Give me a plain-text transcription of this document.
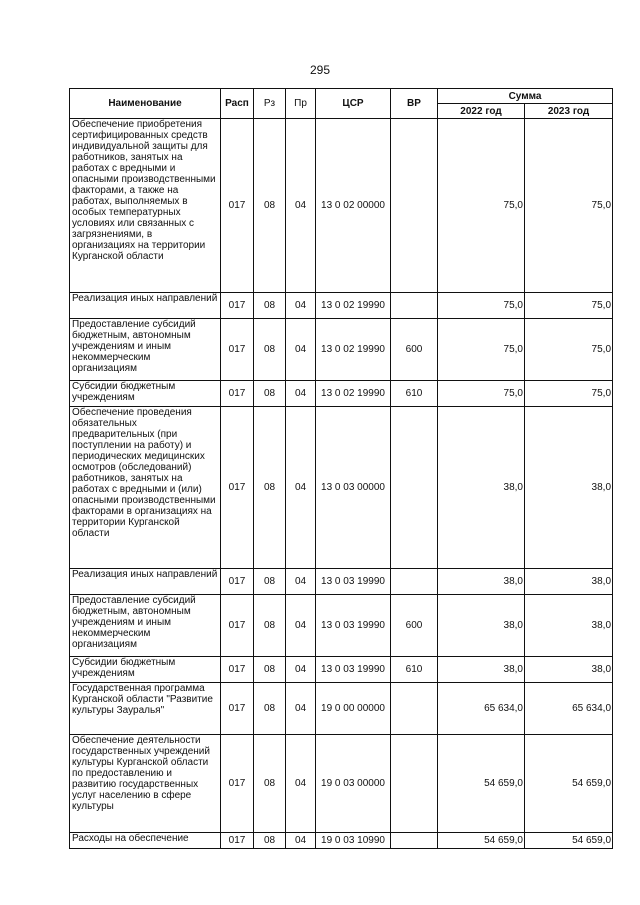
295
Наименование	Расп	Рз	Пр	ЦСР	ВР	Сумма	
						2022 год	2023 год
Обеспечение приобретения сертифицированных средств индивидуальной защиты для работников, занятых на работах с вредными и опасными производственными факторами, а также на работах, выполняемых в особых температурных условиях или связанных с загрязнениями, в организациях на территории Курганской области	017	08	04	13 0 02 00000		75,0	75,0
Реализация иных направлений	017	08	04	13 0 02 19990		75,0	75,0
Предоставление субсидий бюджетным, автономным учреждениям и иным некоммерческим организациям	017	08	04	13 0 02 19990	600	75,0	75,0
Субсидии бюджетным учреждениям	017	08	04	13 0 02 19990	610	75,0	75,0
Обеспечение проведения обязательных предварительных (при поступлении на работу) и периодических медицинских осмотров (обследований) работников, занятых на работах с вредными и (или) опасными производственными факторами в организациях на территории Курганской области	017	08	04	13 0 03 00000		38,0	38,0
Реализация иных направлений	017	08	04	13 0 03 19990		38,0	38,0
Предоставление субсидий бюджетным, автономным учреждениям и иным некоммерческим организациям	017	08	04	13 0 03 19990	600	38,0	38,0
Субсидии бюджетным учреждениям	017	08	04	13 0 03 19990	610	38,0	38,0
Государственная программа Курганской области "Развитие культуры Зауралья"	017	08	04	19 0 00 00000		65 634,0	65 634,0
Обеспечение деятельности государственных учреждений культуры Курганской области по предоставлению и развитию государственных услуг населению в сфере культуры	017	08	04	19 0 03 00000		54 659,0	54 659,0
Расходы на обеспечение	017	08	04	19 0 03 10990		54 659,0	54 659,0
